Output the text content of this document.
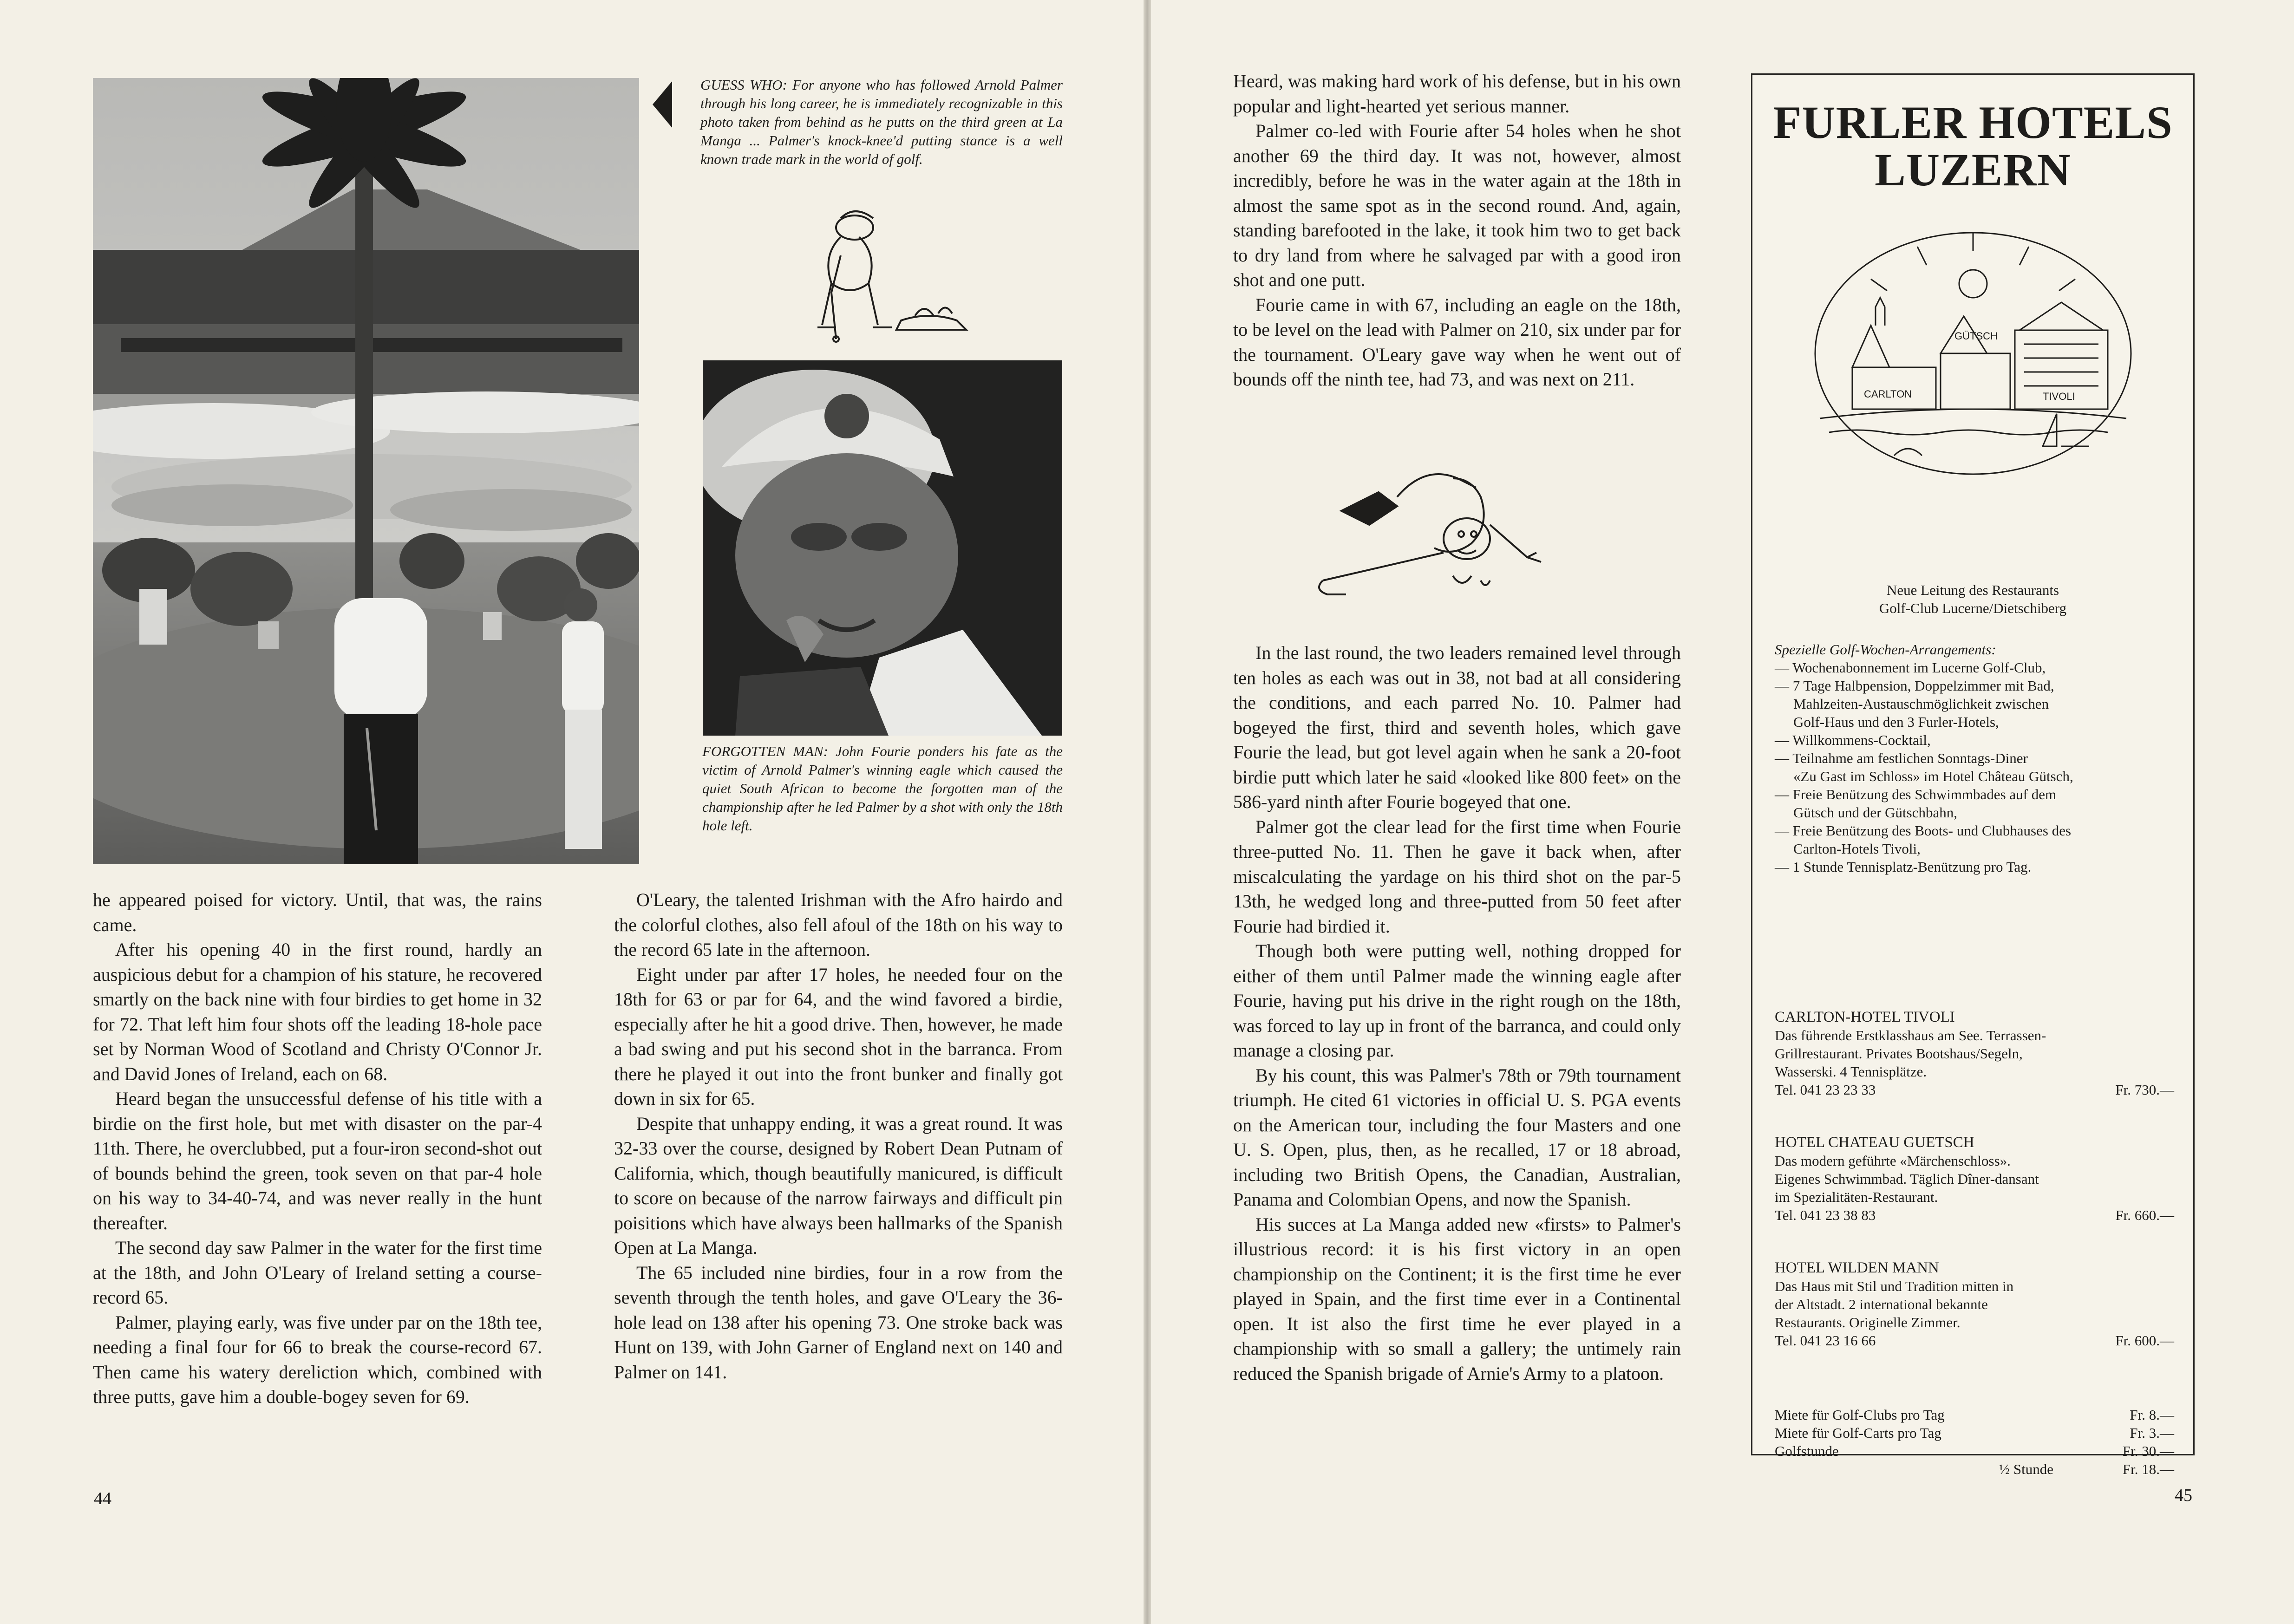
GUESS WHO: For anyone who has followed Arnold Palmer through his long career, he is immediately recognizable in this photo taken from behind as he putts on the third green at La Manga ... Palmer's knock-knee'd putting stance is a well known trade mark in the world of golf.
FORGOTTEN MAN: John Fourie ponders his fate as the victim of Arnold Palmer's winning eagle which caused the quiet South African to become the forgotten man of the championship after he led Palmer by a shot with only the 18th hole left.

he appeared poised for victory. Until, that was, the rains came.

After his opening 40 in the first round, hardly an auspicious debut for a champion of his stature, he recovered smartly on the back nine with four birdies to get home in 32 for 72. That left him four shots off the leading 18-hole pace set by Norman Wood of Scotland and Christy O'Connor Jr. and David Jones of Ireland, each on 68.

Heard began the unsuccessful defense of his title with a birdie on the first hole, but met with disaster on the par-4 11th. There, he overclubbed, put a four-iron second-shot out of bounds behind the green, took seven on that par-4 hole on his way to 34-40-74, and was never really in the hunt thereafter.

The second day saw Palmer in the water for the first time at the 18th, and John O'Leary of Ireland setting a course-record 65.

Palmer, playing early, was five under par on the 18th tee, needing a final four for 66 to break the course-record 67. Then came his watery dereliction which, combined with three putts, gave him a double-bogey seven for 69.

O'Leary, the talented Irishman with the Afro hairdo and the colorful clothes, also fell afoul of the 18th on his way to the record 65 late in the afternoon.

Eight under par after 17 holes, he needed four on the 18th for 63 or par for 64, and the wind favored a birdie, especially after he hit a good drive. Then, however, he made a bad swing and put his second shot in the barranca. From there he played it out into the front bunker and finally got down in six for 65.

Despite that unhappy ending, it was a great round. It was 32-33 over the course, designed by Robert Dean Putnam of California, which, though beautifully manicured, is difficult to score on because of the narrow fairways and difficult pin poisitions which have always been hallmarks of the Spanish Open at La Manga.

The 65 included nine birdies, four in a row from the seventh through the tenth holes, and gave O'Leary the 36-hole lead on 138 after his opening 73. One stroke back was Hunt on 139, with John Garner of England next on 140 and Palmer on 141.

44

Heard, was making hard work of his defense, but in his own popular and light-hearted yet serious manner.

Palmer co-led with Fourie after 54 holes when he shot another 69 the third day. It was not, however, almost incredibly, before he was in the water again at the 18th in almost the same spot as in the second round. And, again, standing barefooted in the lake, it took him two to get back to dry land from where he salvaged par with a good iron shot and one putt.

Fourie came in with 67, including an eagle on the 18th, to be level on the lead with Palmer on 210, six under par for the tournament. O'Leary gave way when he went out of bounds off the ninth tee, had 73, and was next on 211.

In the last round, the two leaders remained level through ten holes as each was out in 38, not bad at all considering the conditions, and each parred No. 10. Palmer had bogeyed the first, third and seventh holes, which gave Fourie the lead, but got level again when he sank a 20-foot birdie putt which later he said «looked like 800 feet» on the 586-yard ninth after Fourie bogeyed that one.

Palmer got the clear lead for the first time when Fourie three-putted No. 11. Then he gave it back when, after miscalculating the yardage on his third shot on the par-5 13th, he wedged long and three-putted from 50 feet after Fourie had birdied it.

Though both were putting well, nothing dropped for either of them until Palmer made the winning eagle after Fourie, having put his drive in the right rough on the 18th, was forced to lay up in front of the barranca, and could only manage a closing par.

By his count, this was Palmer's 78th or 79th tournament triumph. He cited 61 victories in official U. S. PGA events on the American tour, including the four Masters and one U. S. Open, plus, then, as he recalled, 17 or 18 abroad, including two British Opens, the Canadian, Australian, Panama and Colombian Opens, and now the Spanish.

His succes at La Manga added new «firsts» to Palmer's illustrious record: it is his first victory in an open championship on the Continent; it is the first time he ever played in Spain, and the first time ever in a Continental open. It ist also the first time he ever played in a championship with so small a gallery; the untimely rain reduced the Spanish brigade of Arnie's Army to a platoon.

45
FURLER HOTELS
LUZERN
CARLTON	TIVOLI
GÜTSCH
Neue Leitung des Restaurants
Golf-Club Lucerne/Dietschiberg
Spezielle Golf-Wochen-Arrangements:
— Wochenabonnement im Lucerne Golf-Club,
— 7 Tage Halbpension, Doppelzimmer mit Bad,
Mahlzeiten-Austauschmöglichkeit zwischen
Golf-Haus und den 3 Furler-Hotels,
— Willkommens-Cocktail,
— Teilnahme am festlichen Sonntags-Diner
«Zu Gast im Schloss» im Hotel Château Gütsch,
— Freie Benützung des Schwimmbades auf dem
Gütsch und der Gütschbahn,
— Freie Benützung des Boots- und Clubhauses des
Carlton-Hotels Tivoli,
— 1 Stunde Tennisplatz-Benützung pro Tag.
CARLTON-HOTEL TIVOLI
Das führende Erstklasshaus am See. Terrassen-
Grillrestaurant. Privates Bootshaus/Segeln,
Wasserski. 4 Tennisplätze.
Tel. 041 23 23 33	Fr. 730.—
HOTEL CHATEAU GUETSCH
Das modern geführte «Märchenschloss».
Eigenes Schwimmbad. Täglich Dîner-dansant
im Spezialitäten-Restaurant.
Tel. 041 23 38 83	Fr. 660.—
HOTEL WILDEN MANN
Das Haus mit Stil und Tradition mitten in
der Altstadt. 2 international bekannte
Restaurants. Originelle Zimmer.
Tel. 041 23 16 66	Fr. 600.—
Miete für Golf-Clubs pro Tag	Fr. 8.—
Miete für Golf-Carts pro Tag	Fr. 3.—
Golfstunde	Fr. 30.—
½ Stunde	Fr. 18.—
